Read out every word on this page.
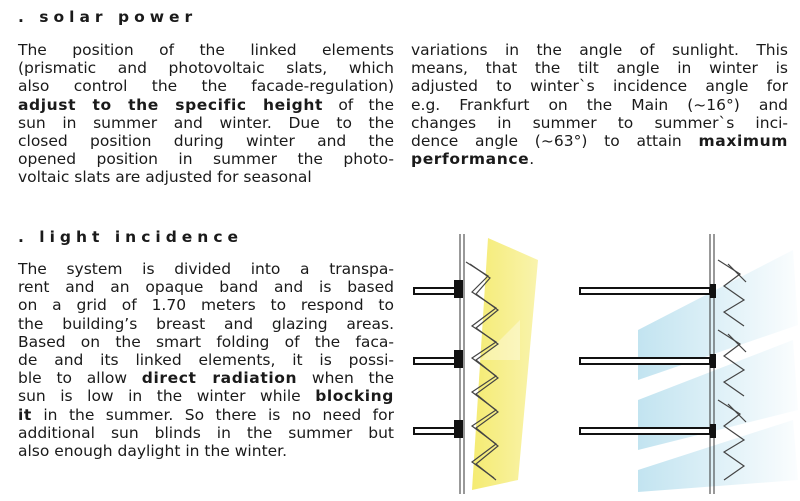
. solar power
The position of the linked elements
(prismatic and photovoltaic slats, which
also control the the facade-regulation)
adjust to the specific height of the
sun in summer and winter. Due to the
closed position during winter and the
opened position in summer the photo-
voltaic slats are adjusted for seasonal
variations in the angle of sunlight. This
means, that the tilt angle in winter is
adjusted to winter`s incidence angle for
e.g. Frankfurt on the Main (~16°) and
changes in summer to summer`s inci-
dence angle (~63°) to attain maximum
performance.
. light incidence
The system is divided into a transpa-
rent and an opaque band and is based
on a grid of 1.70 meters to respond to
the building’s breast and glazing areas.
Based on the smart folding of the faca-
de and its linked elements, it is possi-
ble to allow direct radiation when the
sun is low in the winter while blocking
it in the summer. So there is no need for
additional sun blinds in the summer but
also enough daylight in the winter.
